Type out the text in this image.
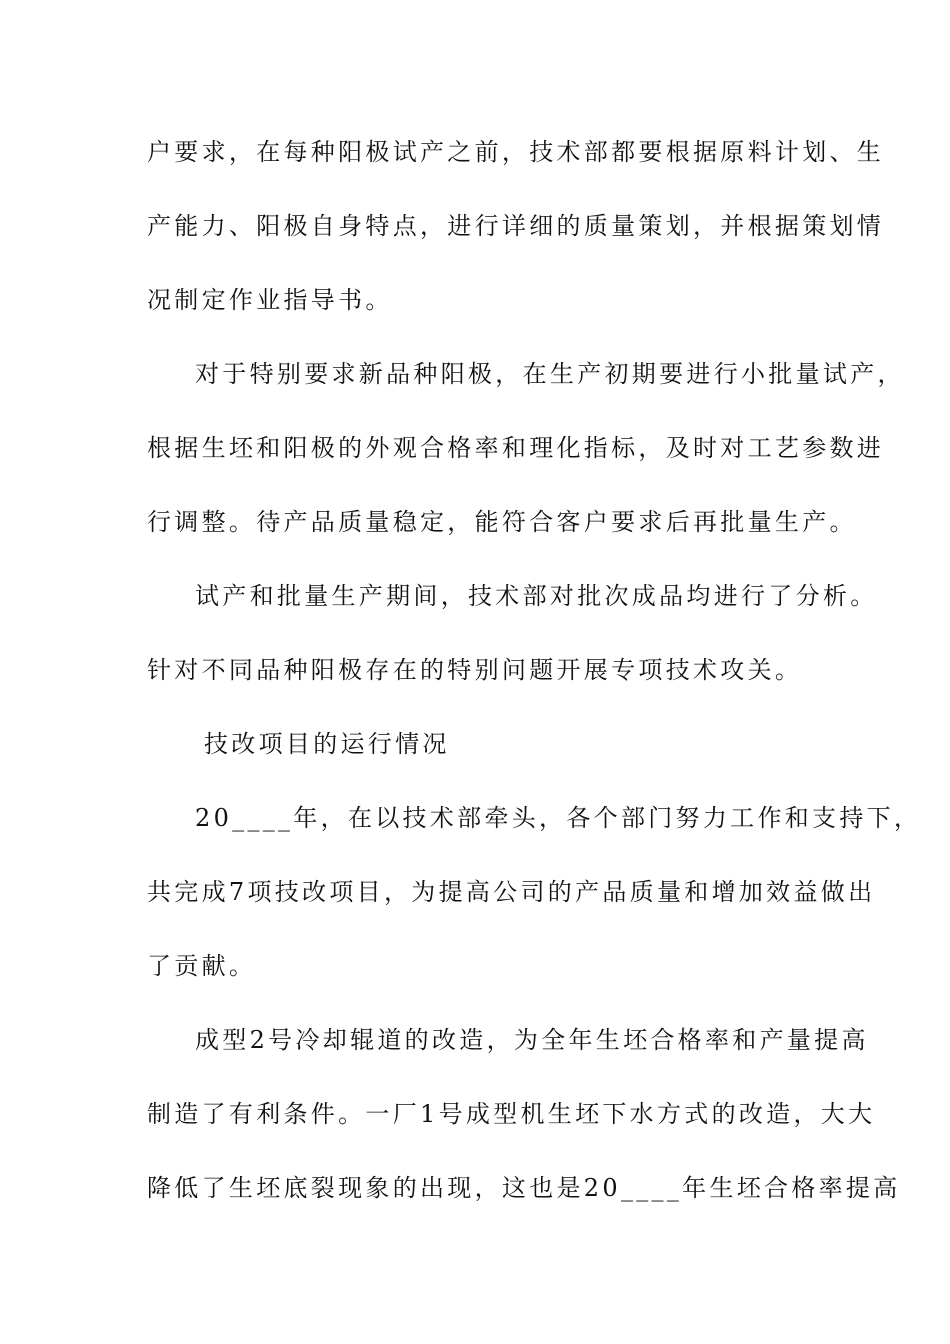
户要求，在每种阳极试产之前，技术部都要根据原料计划、生
产能力、阳极自身特点，进行详细的质量策划，并根据策划情
况制定作业指导书。
对于特别要求新品种阳极，在生产初期要进行小批量试产，
根据生坯和阳极的外观合格率和理化指标，及时对工艺参数进
行调整。待产品质量稳定，能符合客户要求后再批量生产。
试产和批量生产期间，技术部对批次成品均进行了分析。
针对不同品种阳极存在的特别问题开展专项技术攻关。
技改项目的运行情况
20____年，在以技术部牵头，各个部门努力工作和支持下，
共完成7项技改项目，为提高公司的产品质量和增加效益做出
了贡献。
成型2号冷却辊道的改造，为全年生坯合格率和产量提高
制造了有利条件。一厂1号成型机生坯下水方式的改造，大大
降低了生坯底裂现象的出现，这也是20____年生坯合格率提高
